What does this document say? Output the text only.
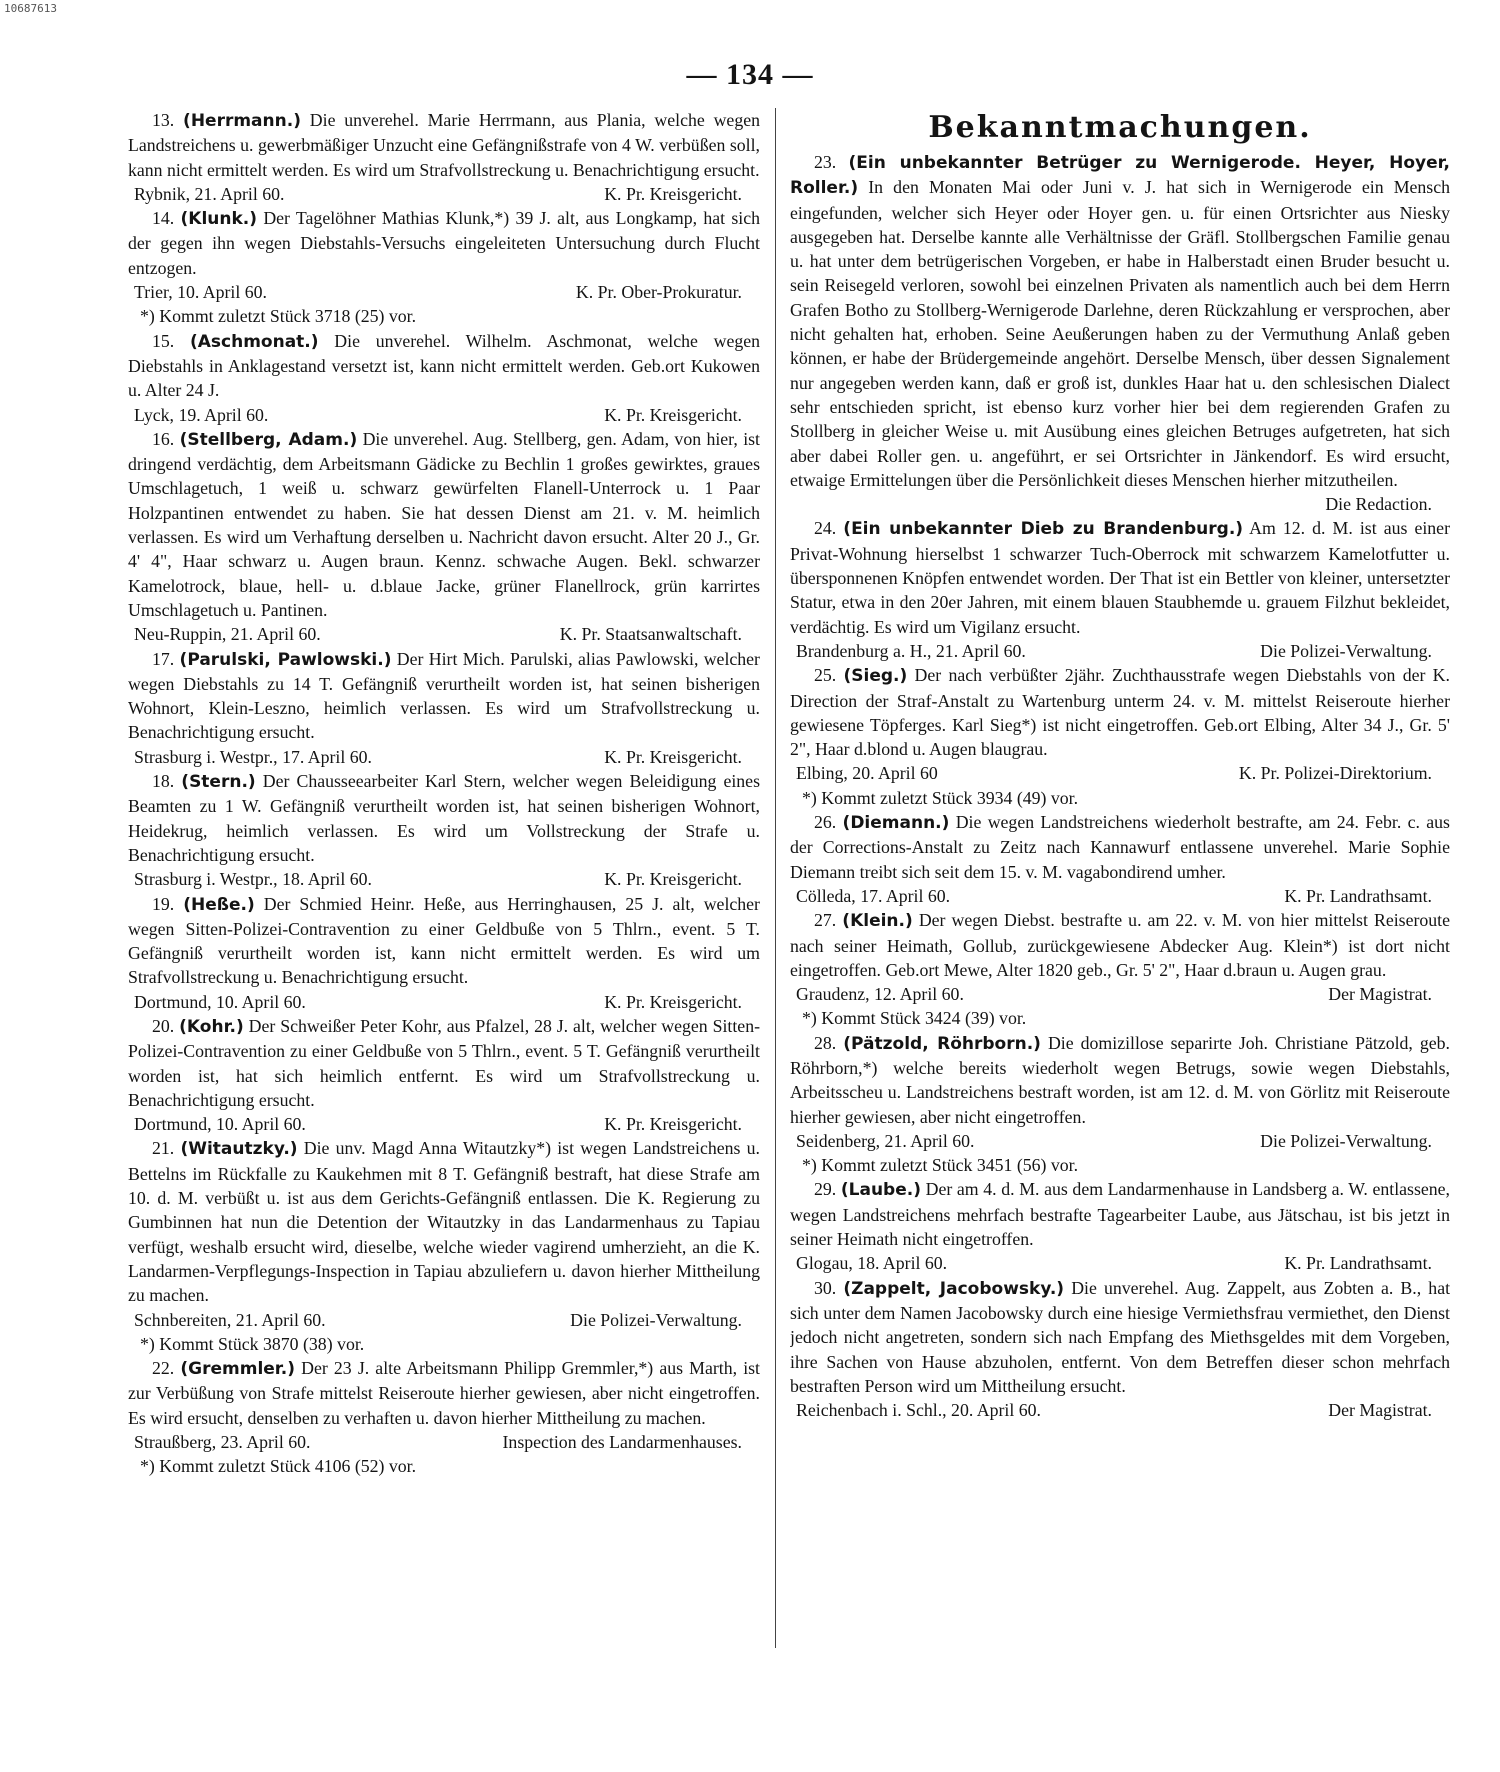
10687613
— 134 —

13. (Herrmann.) Die unverehel. Marie Herrmann, aus Plania, welche wegen Landstreichens u. gewerbmäßiger Unzucht eine Gefängnißstrafe von 4 W. verbüßen soll, kann nicht ermittelt werden. Es wird um Strafvollstreckung u. Benachrichtigung ersucht.

Rybnik, 21. April 60.	K. Pr. Kreisgericht.

14. (Klunk.) Der Tagelöhner Mathias Klunk,*) 39 J. alt, aus Longkamp, hat sich der gegen ihn wegen Diebstahls-Versuchs eingeleiteten Untersuchung durch Flucht entzogen.

Trier, 10. April 60.	K. Pr. Ober-Prokuratur.
*) Kommt zuletzt Stück 3718 (25) vor.

15. (Aschmonat.) Die unverehel. Wilhelm. Aschmonat, welche wegen Diebstahls in Anklagestand versetzt ist, kann nicht ermittelt werden. Geb.ort Kukowen u. Alter 24 J.

Lyck, 19. April 60.	K. Pr. Kreisgericht.

16. (Stellberg, Adam.) Die unverehel. Aug. Stellberg, gen. Adam, von hier, ist dringend verdächtig, dem Arbeitsmann Gädicke zu Bechlin 1 großes gewirktes, graues Umschlagetuch, 1 weiß u. schwarz gewürfelten Flanell-Unterrock u. 1 Paar Holzpantinen entwendet zu haben. Sie hat dessen Dienst am 21. v. M. heimlich verlassen. Es wird um Verhaftung derselben u. Nachricht davon ersucht. Alter 20 J., Gr. 4' 4", Haar schwarz u. Augen braun. Kennz. schwache Augen. Bekl. schwarzer Kamelotrock, blaue, hell- u. d.blaue Jacke, grüner Flanellrock, grün karrirtes Umschlagetuch u. Pantinen.

Neu-Ruppin, 21. April 60.	K. Pr. Staatsanwaltschaft.

17. (Parulski, Pawlowski.) Der Hirt Mich. Parulski, alias Pawlowski, welcher wegen Diebstahls zu 14 T. Gefängniß verurtheilt worden ist, hat seinen bisherigen Wohnort, Klein-Leszno, heimlich verlassen. Es wird um Strafvollstreckung u. Benachrichtigung ersucht.

Strasburg i. Westpr., 17. April 60.	K. Pr. Kreisgericht.

18. (Stern.) Der Chausseearbeiter Karl Stern, welcher wegen Beleidigung eines Beamten zu 1 W. Gefängniß verurtheilt worden ist, hat seinen bisherigen Wohnort, Heidekrug, heimlich verlassen. Es wird um Vollstreckung der Strafe u. Benachrichtigung ersucht.

Strasburg i. Westpr., 18. April 60.	K. Pr. Kreisgericht.

19. (Heße.) Der Schmied Heinr. Heße, aus Herringhausen, 25 J. alt, welcher wegen Sitten-Polizei-Contravention zu einer Geldbuße von 5 Thlrn., event. 5 T. Gefängniß verurtheilt worden ist, kann nicht ermittelt werden. Es wird um Strafvollstreckung u. Benachrichtigung ersucht.

Dortmund, 10. April 60.	K. Pr. Kreisgericht.

20. (Kohr.) Der Schweißer Peter Kohr, aus Pfalzel, 28 J. alt, welcher wegen Sitten-Polizei-Contravention zu einer Geldbuße von 5 Thlrn., event. 5 T. Gefängniß verurtheilt worden ist, hat sich heimlich entfernt. Es wird um Strafvollstreckung u. Benachrichtigung ersucht.

Dortmund, 10. April 60.	K. Pr. Kreisgericht.

21. (Witautzky.) Die unv. Magd Anna Witautzky*) ist wegen Landstreichens u. Bettelns im Rückfalle zu Kaukehmen mit 8 T. Gefängniß bestraft, hat diese Strafe am 10. d. M. verbüßt u. ist aus dem Gerichts-Gefängniß entlassen. Die K. Regierung zu Gumbinnen hat nun die Detention der Witautzky in das Landarmenhaus zu Tapiau verfügt, weshalb ersucht wird, dieselbe, welche wieder vagirend umherzieht, an die K. Landarmen-Verpflegungs-Inspection in Tapiau abzuliefern u. davon hierher Mittheilung zu machen.

Schnbereiten, 21. April 60.	Die Polizei-Verwaltung.
*) Kommt Stück 3870 (38) vor.

22. (Gremmler.) Der 23 J. alte Arbeitsmann Philipp Gremmler,*) aus Marth, ist zur Verbüßung von Strafe mittelst Reiseroute hierher gewiesen, aber nicht eingetroffen. Es wird ersucht, denselben zu verhaften u. davon hierher Mittheilung zu machen.

Straußberg, 23. April 60.	Inspection des Landarmenhauses.
*) Kommt zuletzt Stück 4106 (52) vor.
Bekanntmachungen.

23. (Ein unbekannter Betrüger zu Wernigerode. Heyer, Hoyer, Roller.) In den Monaten Mai oder Juni v. J. hat sich in Wernigerode ein Mensch eingefunden, welcher sich Heyer oder Hoyer gen. u. für einen Ortsrichter aus Niesky ausgegeben hat. Derselbe kannte alle Verhältnisse der Gräfl. Stollbergschen Familie genau u. hat unter dem betrügerischen Vorgeben, er habe in Halberstadt einen Bruder besucht u. sein Reisegeld verloren, sowohl bei einzelnen Privaten als namentlich auch bei dem Herrn Grafen Botho zu Stollberg-Wernigerode Darlehne, deren Rückzahlung er versprochen, aber nicht gehalten hat, erhoben. Seine Aeußerungen haben zu der Vermuthung Anlaß geben können, er habe der Brüdergemeinde angehört. Derselbe Mensch, über dessen Signalement nur angegeben werden kann, daß er groß ist, dunkles Haar hat u. den schlesischen Dialect sehr entschieden spricht, ist ebenso kurz vorher hier bei dem regierenden Grafen zu Stollberg in gleicher Weise u. mit Ausübung eines gleichen Betruges aufgetreten, hat sich aber dabei Roller gen. u. angeführt, er sei Ortsrichter in Jänkendorf. Es wird ersucht, etwaige Ermittelungen über die Persönlichkeit dieses Menschen hierher mitzutheilen.

Die Redaction.

24. (Ein unbekannter Dieb zu Brandenburg.) Am 12. d. M. ist aus einer Privat-Wohnung hierselbst 1 schwarzer Tuch-Oberrock mit schwarzem Kamelotfutter u. übersponnenen Knöpfen entwendet worden. Der That ist ein Bettler von kleiner, untersetzter Statur, etwa in den 20er Jahren, mit einem blauen Staubhemde u. grauem Filzhut bekleidet, verdächtig. Es wird um Vigilanz ersucht.

Brandenburg a. H., 21. April 60.	Die Polizei-Verwaltung.

25. (Sieg.) Der nach verbüßter 2jähr. Zuchthausstrafe wegen Diebstahls von der K. Direction der Straf-Anstalt zu Wartenburg unterm 24. v. M. mittelst Reiseroute hierher gewiesene Töpferges. Karl Sieg*) ist nicht eingetroffen. Geb.ort Elbing, Alter 34 J., Gr. 5' 2", Haar d.blond u. Augen blaugrau.

Elbing, 20. April 60	K. Pr. Polizei-Direktorium.
*) Kommt zuletzt Stück 3934 (49) vor.

26. (Diemann.) Die wegen Landstreichens wiederholt bestrafte, am 24. Febr. c. aus der Corrections-Anstalt zu Zeitz nach Kannawurf entlassene unverehel. Marie Sophie Diemann treibt sich seit dem 15. v. M. vagabondirend umher.

Cölleda, 17. April 60.	K. Pr. Landrathsamt.

27. (Klein.) Der wegen Diebst. bestrafte u. am 22. v. M. von hier mittelst Reiseroute nach seiner Heimath, Gollub, zurückgewiesene Abdecker Aug. Klein*) ist dort nicht eingetroffen. Geb.ort Mewe, Alter 1820 geb., Gr. 5' 2", Haar d.braun u. Augen grau.

Graudenz, 12. April 60.	Der Magistrat.
*) Kommt Stück 3424 (39) vor.

28. (Pätzold, Röhrborn.) Die domizillose separirte Joh. Christiane Pätzold, geb. Röhrborn,*) welche bereits wiederholt wegen Betrugs, sowie wegen Diebstahls, Arbeitsscheu u. Landstreichens bestraft worden, ist am 12. d. M. von Görlitz mit Reiseroute hierher gewiesen, aber nicht eingetroffen.

Seidenberg, 21. April 60.	Die Polizei-Verwaltung.
*) Kommt zuletzt Stück 3451 (56) vor.

29. (Laube.) Der am 4. d. M. aus dem Landarmenhause in Landsberg a. W. entlassene, wegen Landstreichens mehrfach bestrafte Tagearbeiter Laube, aus Jätschau, ist bis jetzt in seiner Heimath nicht eingetroffen.

Glogau, 18. April 60.	K. Pr. Landrathsamt.

30. (Zappelt, Jacobowsky.) Die unverehel. Aug. Zappelt, aus Zobten a. B., hat sich unter dem Namen Jacobowsky durch eine hiesige Vermiethsfrau vermiethet, den Dienst jedoch nicht angetreten, sondern sich nach Empfang des Miethsgeldes mit dem Vorgeben, ihre Sachen von Hause abzuholen, entfernt. Von dem Betreffen dieser schon mehrfach bestraften Person wird um Mittheilung ersucht.

Reichenbach i. Schl., 20. April 60.	Der Magistrat.
